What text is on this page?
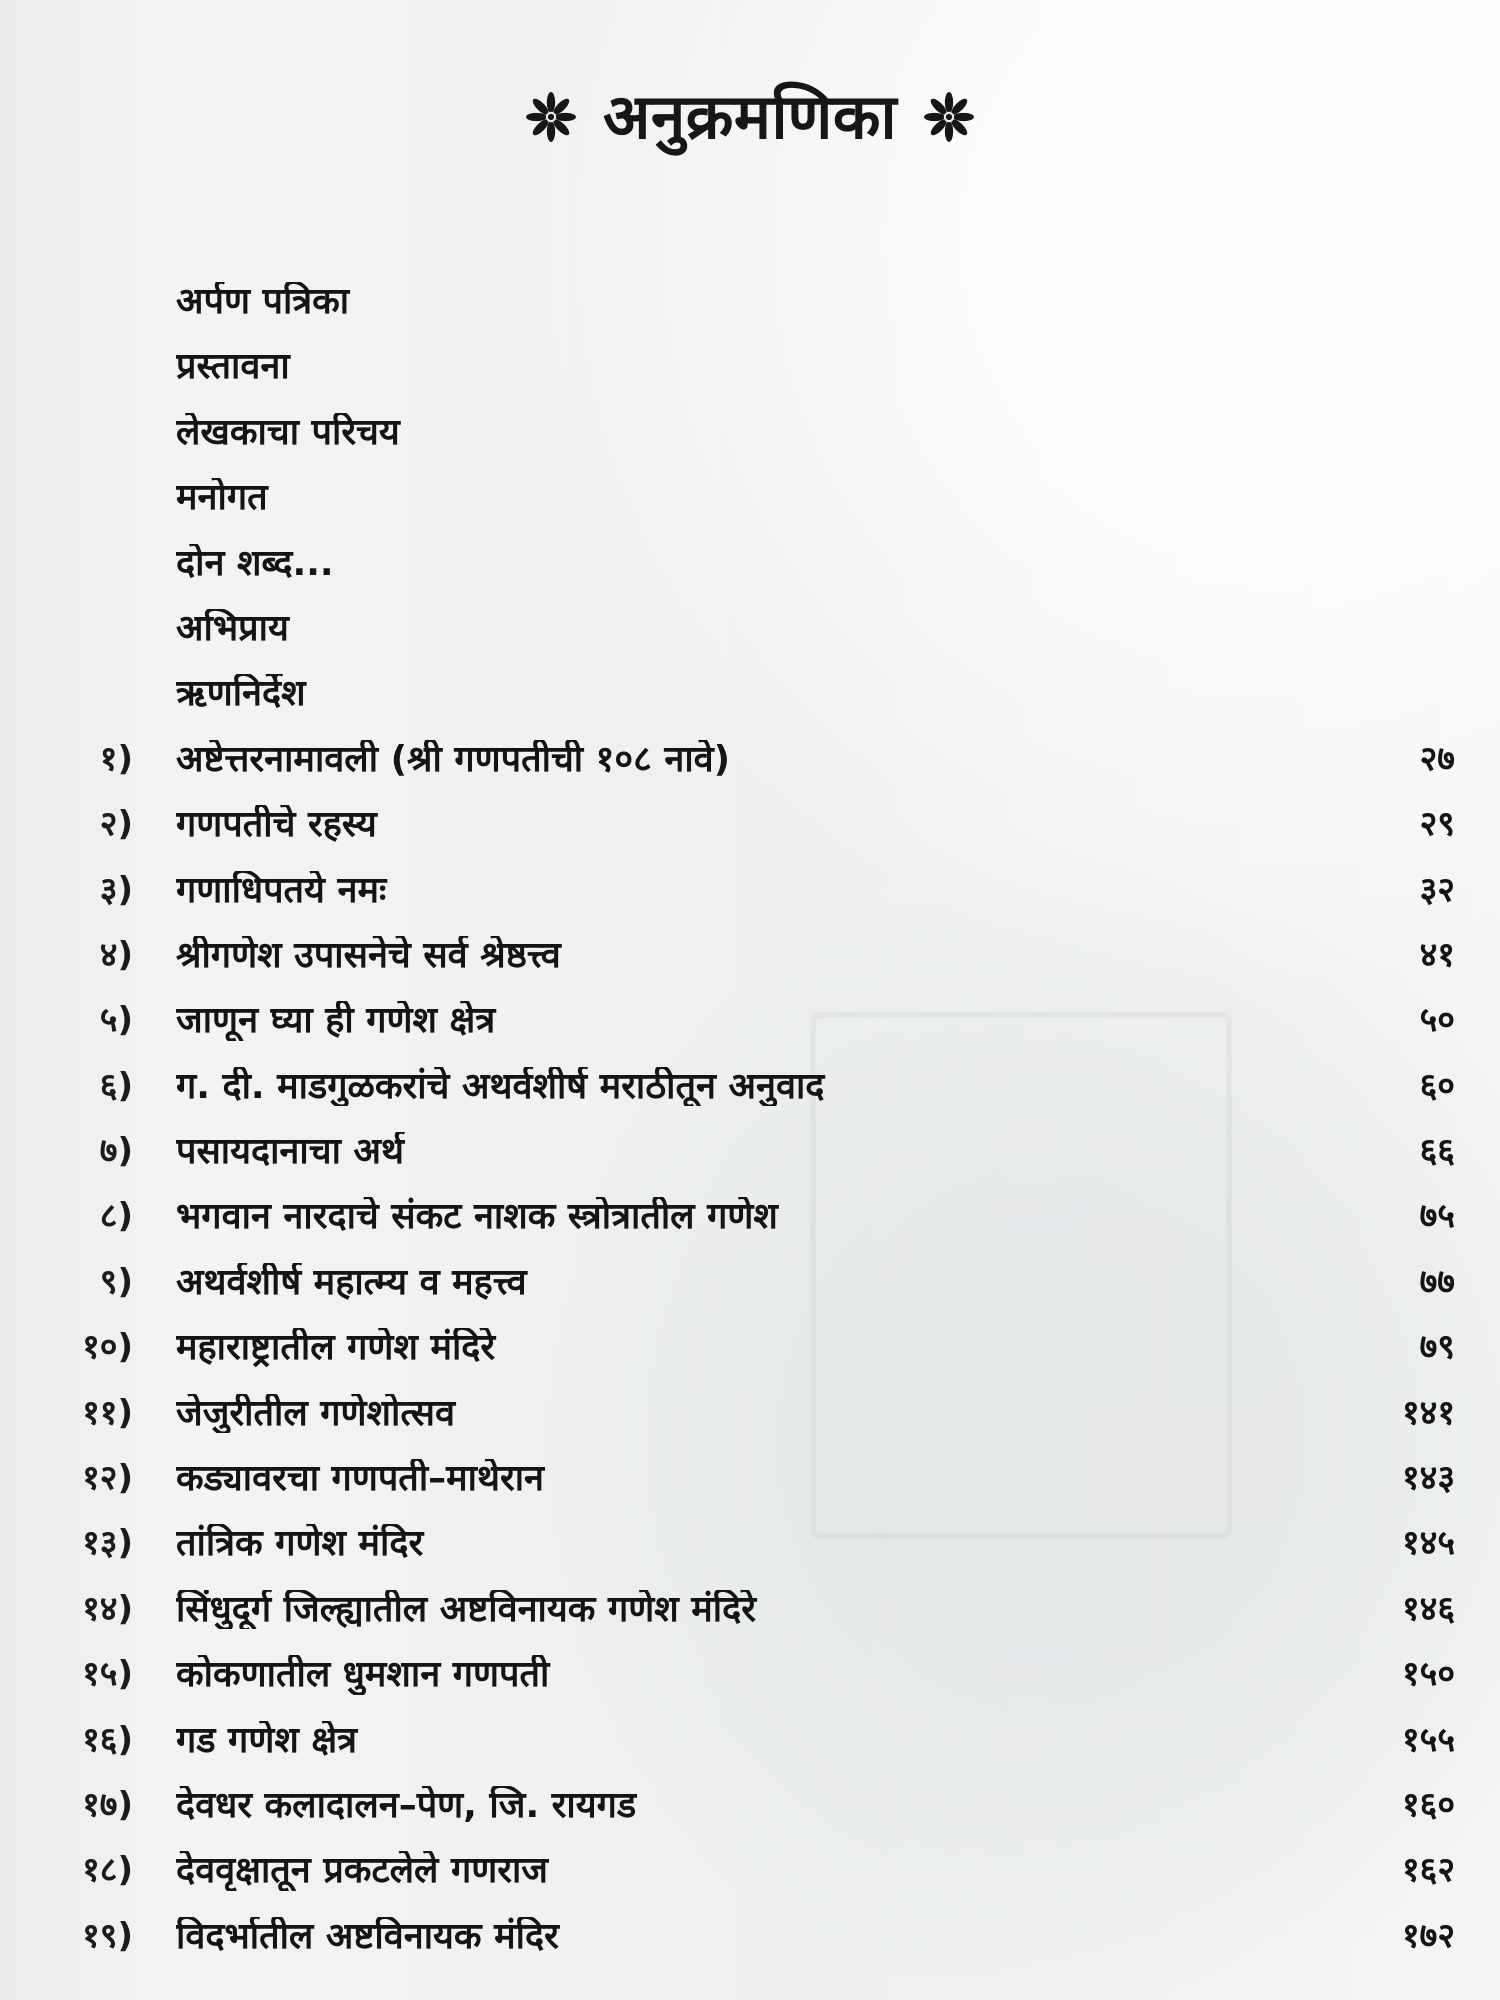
अनुक्रमणिका
अर्पण पत्रिका
प्रस्तावना
लेखकाचा परिचय
मनोगत
दोन शब्द...
अभिप्राय
ऋणनिर्देश
१) अष्टेत्तरनामावली (श्री गणपतीची १०८ नावे)	२७
२) गणपतीचे रहस्य	२९
३) गणाधिपतये नमः	३२
४) श्रीगणेश उपासनेचे सर्व श्रेष्ठत्त्व	४१
५) जाणून घ्या ही गणेश क्षेत्र	५०
६) ग. दी. माडगुळकरांचे अथर्वशीर्ष मराठीतून अनुवाद	६०
७) पसायदानाचा अर्थ	६६
८) भगवान नारदाचे संकट नाशक स्त्रोत्रातील गणेश	७५
९) अथर्वशीर्ष महात्म्य व महत्त्व	७७
१०) महाराष्ट्रातील गणेश मंदिरे	७९
११) जेजुरीतील गणेशोत्सव	१४१
१२) कड्यावरचा गणपती–माथेरान	१४३
१३) तांत्रिक गणेश मंदिर	१४५
१४) सिंधुदूर्ग जिल्ह्यातील अष्टविनायक गणेश मंदिरे	१४६
१५) कोकणातील धुमशान गणपती	१५०
१६) गड गणेश क्षेत्र	१५५
१७) देवधर कलादालन–पेण, जि. रायगड	१६०
१८) देववृक्षातून प्रकटलेले गणराज	१६२
१९) विदर्भातील अष्टविनायक मंदिर	१७२
